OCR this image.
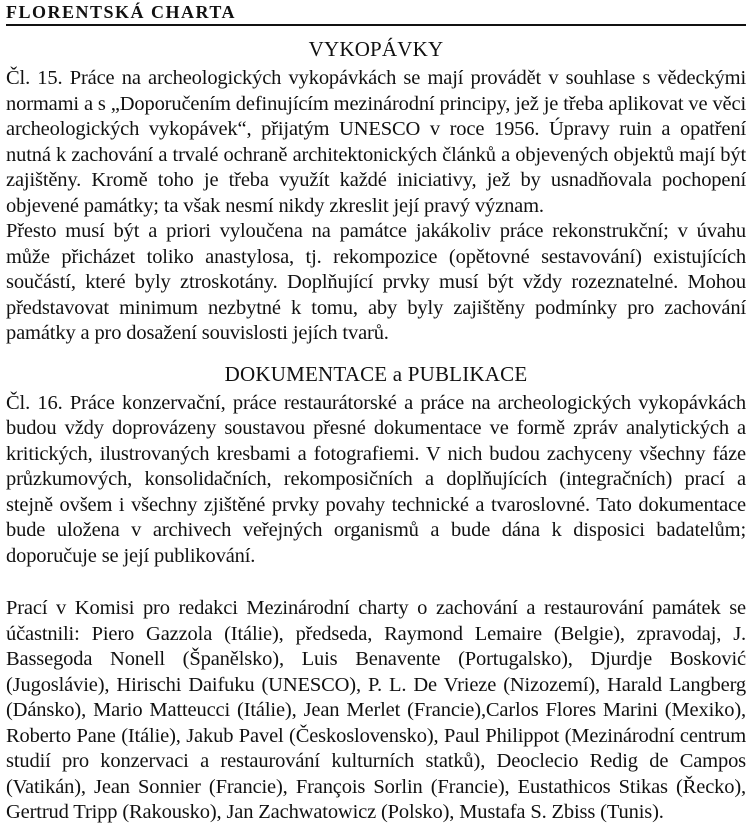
FLORENTSKÁ CHARTA
VYKOPÁVKY

Čl. 15. Práce na archeologických vykopávkách se mají provádět v souhlase s vědeckými normami a s „Doporučením definujícím mezinárodní principy, jež je třeba aplikovat ve věci archeologických vykopávek“, přijatým UNESCO v roce 1956. Úpravy ruin a opatření nutná k zachování a trvalé ochraně architektonických článků a objevených objektů mají být zajištěny. Kromě toho je třeba využít každé iniciativy, jež by usnadňovala pochopení objevené památky; ta však nesmí nikdy zkreslit její pravý význam.

Přesto musí být a priori vyloučena na památce jakákoliv práce rekonstrukční; v úvahu může přicházet toliko anastylosa, tj. rekompozice (opětovné sestavování) existujících součástí, které byly ztroskotány. Doplňující prvky musí být vždy rozeznatelné. Mohou představovat minimum nezbytné k tomu, aby byly zajištěny podmínky pro zachování památky a pro dosažení souvislosti jejích tvarů.

DOKUMENTACE a PUBLIKACE

Čl. 16. Práce konzervační, práce restaurátorské a práce na archeologických vykopávkách budou vždy doprovázeny soustavou přesné dokumentace ve formě zpráv analytických a kritických, ilustrovaných kresbami a fotografiemi. V nich budou zachyceny všechny fáze průzkumových, konsolidačních, rekomposičních a doplňujících (integračních) prací a stejně ovšem i všechny zjištěné prvky povahy technické a tvaroslovné. Tato dokumentace bude uložena v archivech veřejných organismů a bude dána k disposici badatelům; doporučuje se její publikování.

Prací v Komisi pro redakci Mezinárodní charty o zachování a restaurování památek se účastnili: Piero Gazzola (Itálie), předseda, Raymond Lemaire (Belgie), zpravodaj, J. Bassegoda Nonell (Španělsko), Luis Benavente (Portugalsko), Djurdje Bosković (Jugoslávie), Hirischi Daifuku (UNESCO), P. L. De Vrieze (Nizozemí), Harald Langberg (Dánsko), Mario Matteucci (Itálie), Jean Merlet (Francie),Carlos Flores Marini (Mexiko), Roberto Pane (Itálie), Jakub Pavel (Československo), Paul Philippot (Mezinárodní centrum studií pro konzervaci a restaurování kulturních statků), Deoclecio Redig de Campos (Vatikán), Jean Sonnier (Francie), François Sorlin (Francie), Eustathicos Stikas (Řecko), Gertrud Tripp (Rakousko), Jan Zachwatowicz (Polsko), Mustafa S. Zbiss (Tunis).
